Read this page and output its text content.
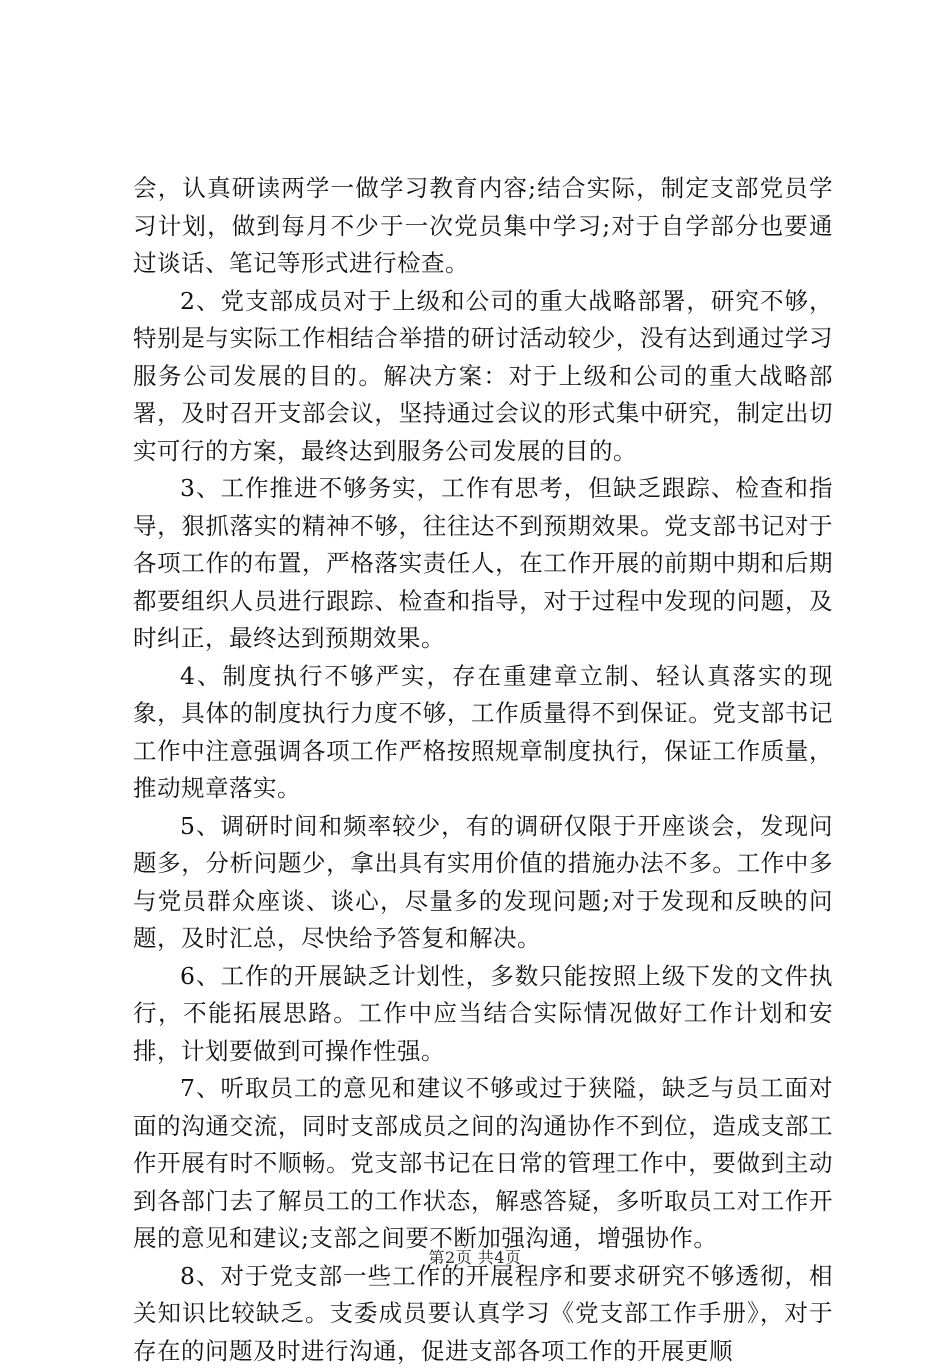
会，认真研读两学一做学习教育内容;结合实际，制定支部党员学习计划，做到每月不少于一次党员集中学习;对于自学部分也要通过谈话、笔记等形式进行检查。

2、党支部成员对于上级和公司的重大战略部署，研究不够，特别是与实际工作相结合举措的研讨活动较少，没有达到通过学习服务公司发展的目的。解决方案：对于上级和公司的重大战略部署，及时召开支部会议，坚持通过会议的形式集中研究，制定出切实可行的方案，最终达到服务公司发展的目的。

3、工作推进不够务实，工作有思考，但缺乏跟踪、检查和指导，狠抓落实的精神不够，往往达不到预期效果。党支部书记对于各项工作的布置，严格落实责任人，在工作开展的前期中期和后期都要组织人员进行跟踪、检查和指导，对于过程中发现的问题，及时纠正，最终达到预期效果。

4、制度执行不够严实，存在重建章立制、轻认真落实的现象，具体的制度执行力度不够，工作质量得不到保证。党支部书记工作中注意强调各项工作严格按照规章制度执行，保证工作质量，推动规章落实。

5、调研时间和频率较少，有的调研仅限于开座谈会，发现问题多，分析问题少，拿出具有实用价值的措施办法不多。工作中多与党员群众座谈、谈心，尽量多的发现问题;对于发现和反映的问题，及时汇总，尽快给予答复和解决。

6、工作的开展缺乏计划性，多数只能按照上级下发的文件执行，不能拓展思路。工作中应当结合实际情况做好工作计划和安排，计划要做到可操作性强。

7、听取员工的意见和建议不够或过于狭隘，缺乏与员工面对面的沟通交流，同时支部成员之间的沟通协作不到位，造成支部工作开展有时不顺畅。党支部书记在日常的管理工作中，要做到主动到各部门去了解员工的工作状态，解惑答疑，多听取员工对工作开展的意见和建议;支部之间要不断加强沟通，增强协作。

8、对于党支部一些工作的开展程序和要求研究不够透彻，相关知识比较缺乏。支委成员要认真学习《党支部工作手册》，对于存在的问题及时进行沟通，促进支部各项工作的开展更顺

第2页 共4页
